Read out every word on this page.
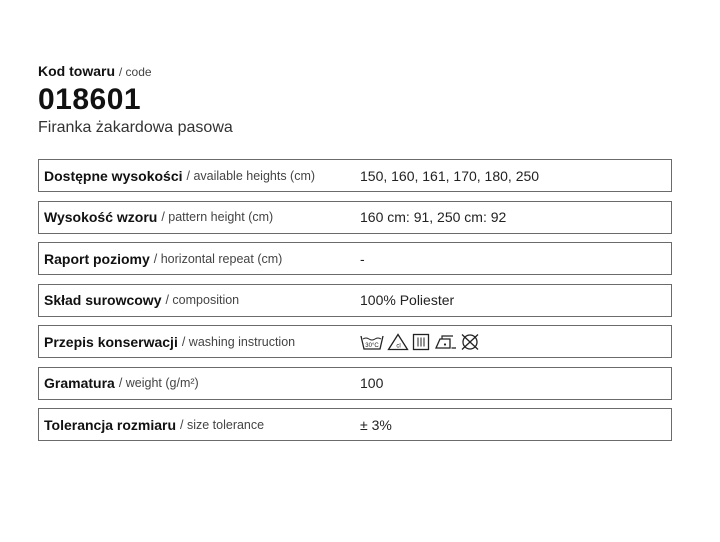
Kod towaru / code
018601
Firanka żakardowa pasowa
Dostępne wysokości / available heights (cm)	150, 160, 161, 170, 180, 250
Wysokość wzoru / pattern height (cm)	160 cm: 91, 250 cm: 92
Raport poziomy / horizontal repeat (cm)	-
Skład surowcowy / composition	100% Poliester
Przepis konserwacji / washing instruction	30°C	cl
Gramatura / weight (g/m²)	100
Tolerancja rozmiaru / size tolerance	± 3%
